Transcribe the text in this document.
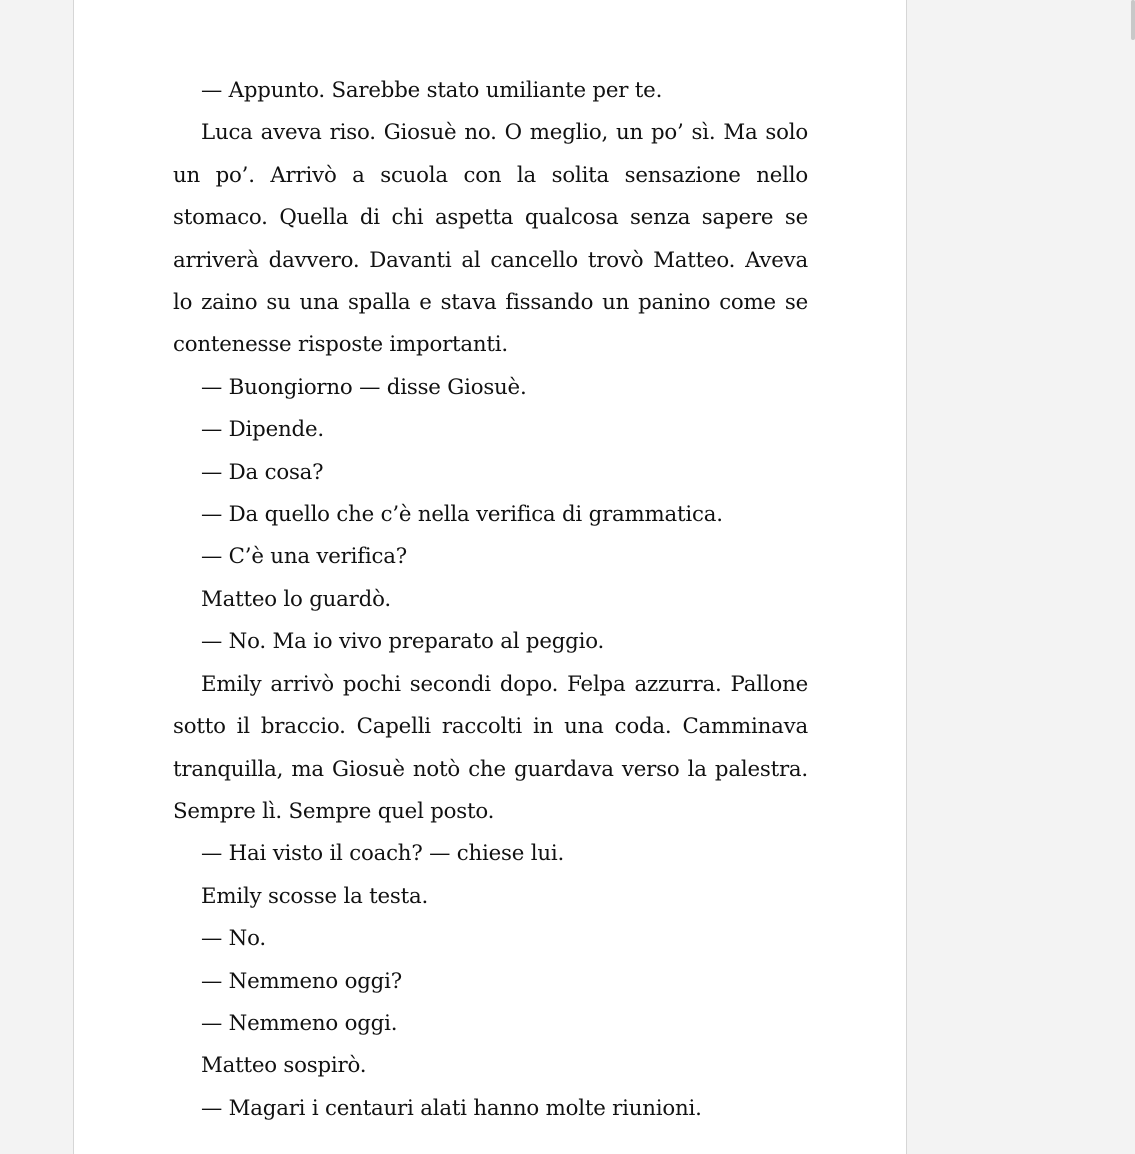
— Appunto. Sarebbe stato umiliante per te.

Luca aveva riso. Giosuè no. O meglio, un po’ sì. Ma solo un po’. Arrivò a scuola con la solita sensazione nello stomaco. Quella di chi aspetta qualcosa senza sapere se arriverà davvero. Davanti al cancello trovò Matteo. Aveva lo zaino su una spalla e stava fissando un panino come se contenesse risposte importanti.

— Buongiorno — disse Giosuè.

— Dipende.

— Da cosa?

— Da quello che c’è nella verifica di grammatica.

— C’è una verifica?

Matteo lo guardò.

— No. Ma io vivo preparato al peggio.

Emily arrivò pochi secondi dopo. Felpa azzurra. Pallone sotto il braccio. Capelli raccolti in una coda. Camminava tranquilla, ma Giosuè notò che guardava verso la palestra. Sempre lì. Sempre quel posto.

— Hai visto il coach? — chiese lui.

Emily scosse la testa.

— No.

— Nemmeno oggi?

— Nemmeno oggi.

Matteo sospirò.

— Magari i centauri alati hanno molte riunioni.
